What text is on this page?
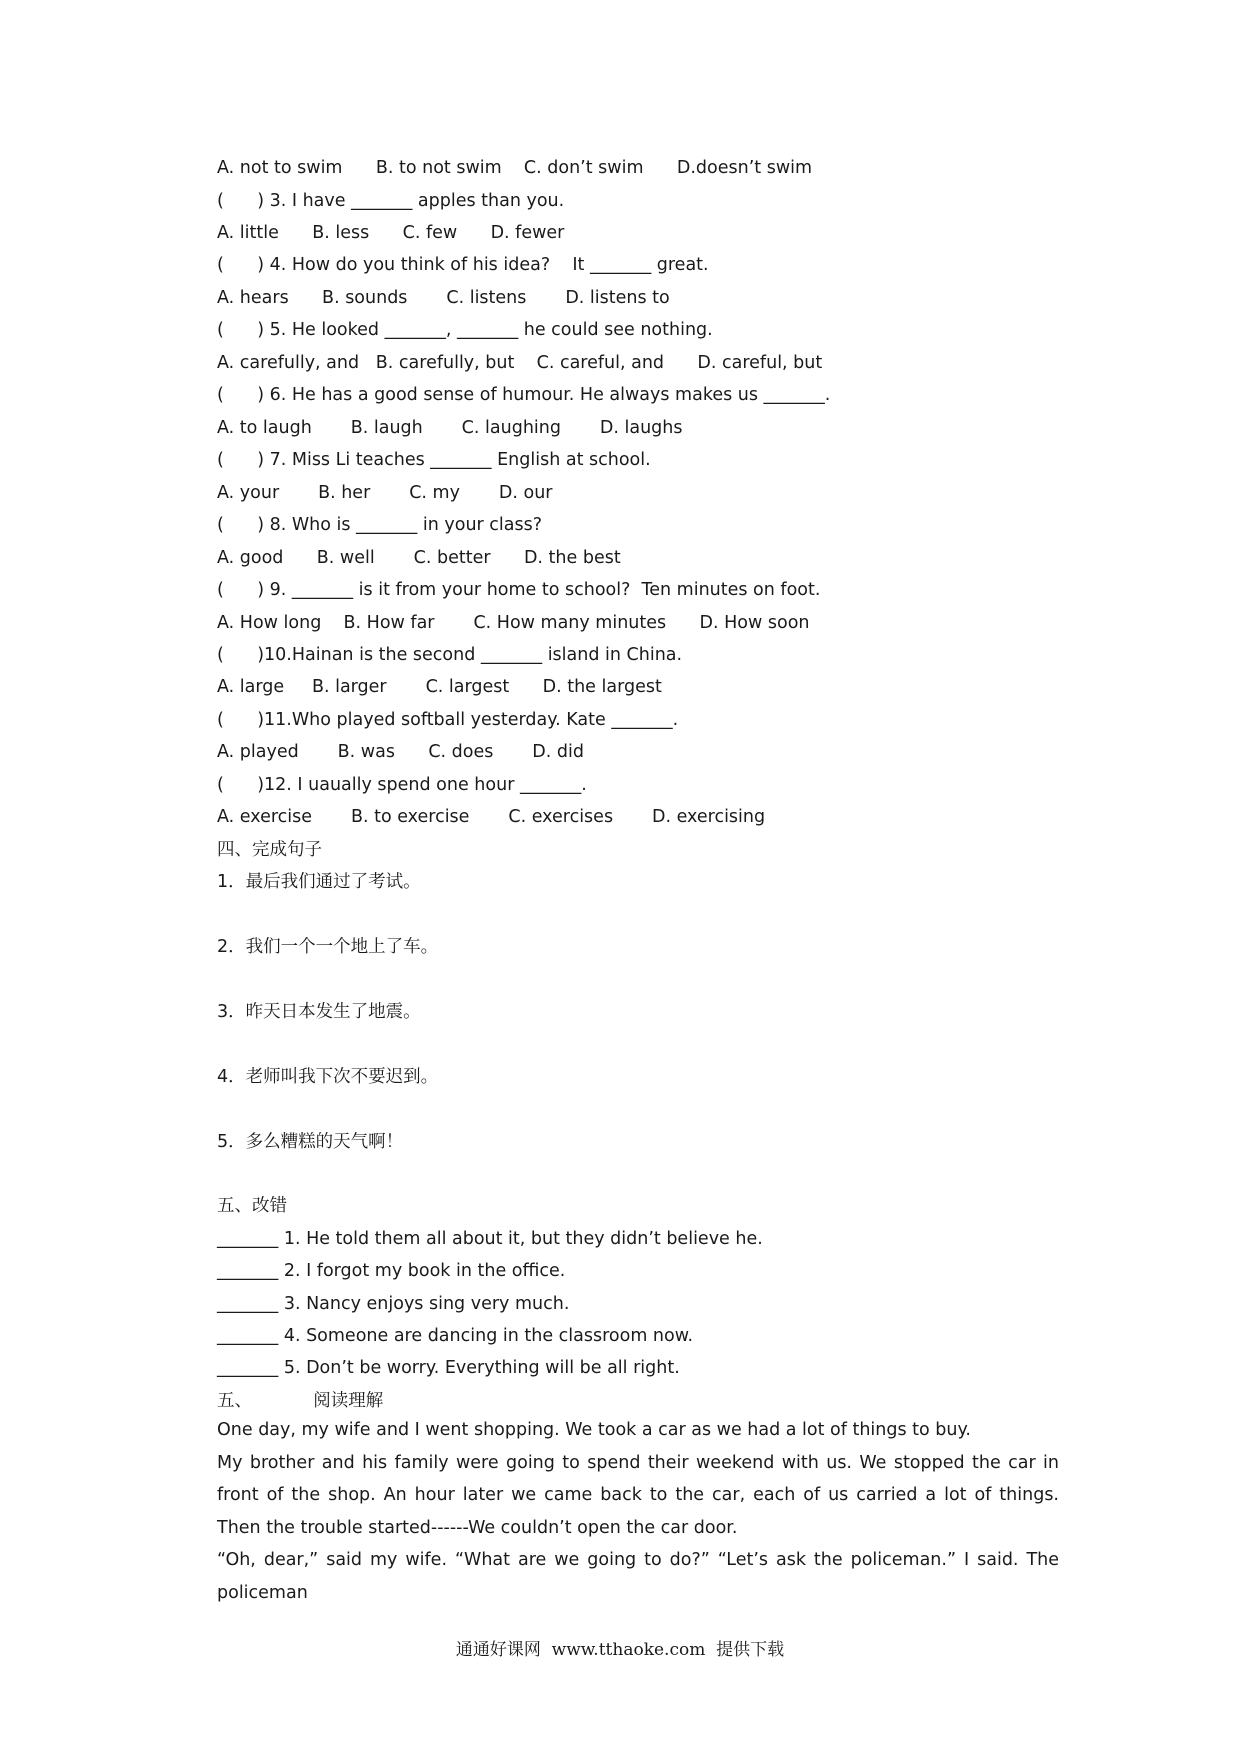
A. not to swim      B. to not swim    C. don’t swim      D.doesn’t swim
(      ) 3. I have _______ apples than you.
A. little      B. less      C. few      D. fewer
(      ) 4. How do you think of his idea?    It _______ great.
A. hears      B. sounds       C. listens       D. listens to
(      ) 5. He looked _______, _______ he could see nothing.
A. carefully, and   B. carefully, but    C. careful, and      D. careful, but
(      ) 6. He has a good sense of humour. He always makes us _______.
A. to laugh       B. laugh       C. laughing       D. laughs
(      ) 7. Miss Li teaches _______ English at school.
A. your       B. her       C. my       D. our
(      ) 8. Who is _______ in your class?
A. good      B. well       C. better      D. the best
(      ) 9. _______ is it from your home to school?  Ten minutes on foot.
A. How long    B. How far       C. How many minutes      D. How soon
(      )10.Hainan is the second _______ island in China.
A. large     B. larger       C. largest      D. the largest
(      )11.Who played softball yesterday. Kate _______.
A. played       B. was      C. does       D. did
(      )12. I uaually spend one hour _______.
A. exercise       B. to exercise       C. exercises       D. exercising
四、完成句子
1．最后我们通过了考试。
2．我们一个一个地上了车。
3．昨天日本发生了地震。
4．老师叫我下次不要迟到。
5．多么糟糕的天气啊！
五、改错
_______ 1. He told them all about it, but they didn’t believe he.
_______ 2. I forgot my book in the office.
_______ 3. Nancy enjoys sing very much.
_______ 4. Someone are dancing in the classroom now.
_______ 5. Don’t be worry. Everything will be all right.
五、           阅读理解

One day, my wife and I went shopping. We took a car as we had a lot of things to buy.

My brother and his family were going to spend their weekend with us. We stopped the car in front of the shop. An hour later we came back to the car, each of us carried a lot of things. Then the trouble started------We couldn’t open the car door.

“Oh, dear,” said my wife. “What are we going to do?” “Let’s ask the policeman.” I said. The policeman

通通好课网  www.tthaoke.com  提供下载
